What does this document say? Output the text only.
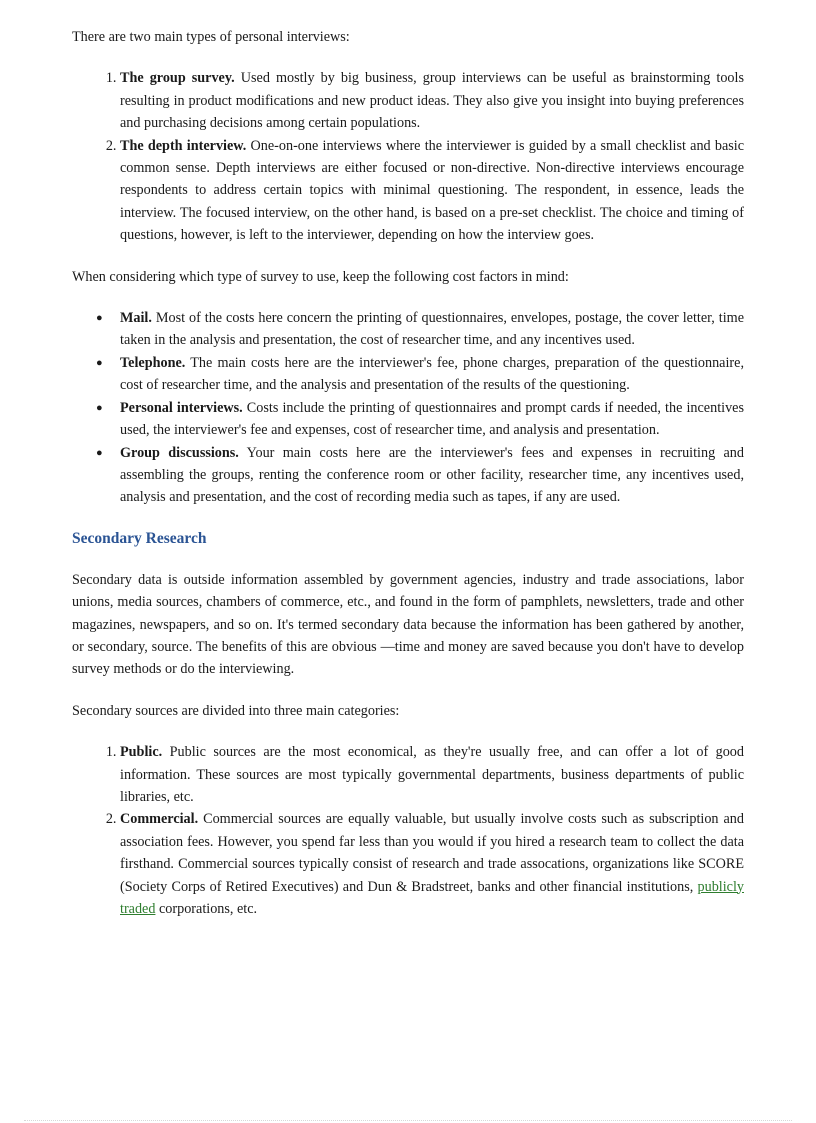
There are two main types of personal interviews:

1. The group survey. Used mostly by big business, group interviews can be useful as brainstorming tools resulting in product modifications and new product ideas. They also give you insight into buying preferences and purchasing decisions among certain populations.
2. The depth interview. One-on-one interviews where the interviewer is guided by a small checklist and basic common sense. Depth interviews are either focused or non-directive. Non-directive interviews encourage respondents to address certain topics with minimal questioning. The respondent, in essence, leads the interview. The focused interview, on the other hand, is based on a pre-set checklist. The choice and timing of questions, however, is left to the interviewer, depending on how the interview goes.

When considering which type of survey to use, keep the following cost factors in mind:

● Mail. Most of the costs here concern the printing of questionnaires, envelopes, postage, the cover letter, time taken in the analysis and presentation, the cost of researcher time, and any incentives used.
● Telephone. The main costs here are the interviewer's fee, phone charges, preparation of the questionnaire, cost of researcher time, and the analysis and presentation of the results of the questioning.
● Personal interviews. Costs include the printing of questionnaires and prompt cards if needed, the incentives used, the interviewer's fee and expenses, cost of researcher time, and analysis and presentation.
● Group discussions. Your main costs here are the interviewer's fees and expenses in recruiting and assembling the groups, renting the conference room or other facility, researcher time, any incentives used, analysis and presentation, and the cost of recording media such as tapes, if any are used.
Secondary Research

Secondary data is outside information assembled by government agencies, industry and trade associations, labor unions, media sources, chambers of commerce, etc., and found in the form of pamphlets, newsletters, trade and other magazines, newspapers, and so on. It's termed secondary data because the information has been gathered by another, or secondary, source. The benefits of this are obvious —time and money are saved because you don't have to develop survey methods or do the interviewing.

Secondary sources are divided into three main categories:

1. Public. Public sources are the most economical, as they're usually free, and can offer a lot of good information. These sources are most typically governmental departments, business departments of public libraries, etc.
2. Commercial. Commercial sources are equally valuable, but usually involve costs such as subscription and association fees. However, you spend far less than you would if you hired a research team to collect the data firsthand. Commercial sources typically consist of research and trade assocations, organizations like SCORE (Society Corps of Retired Executives) and Dun & Bradstreet, banks and other financial institutions, publicly traded corporations, etc.
